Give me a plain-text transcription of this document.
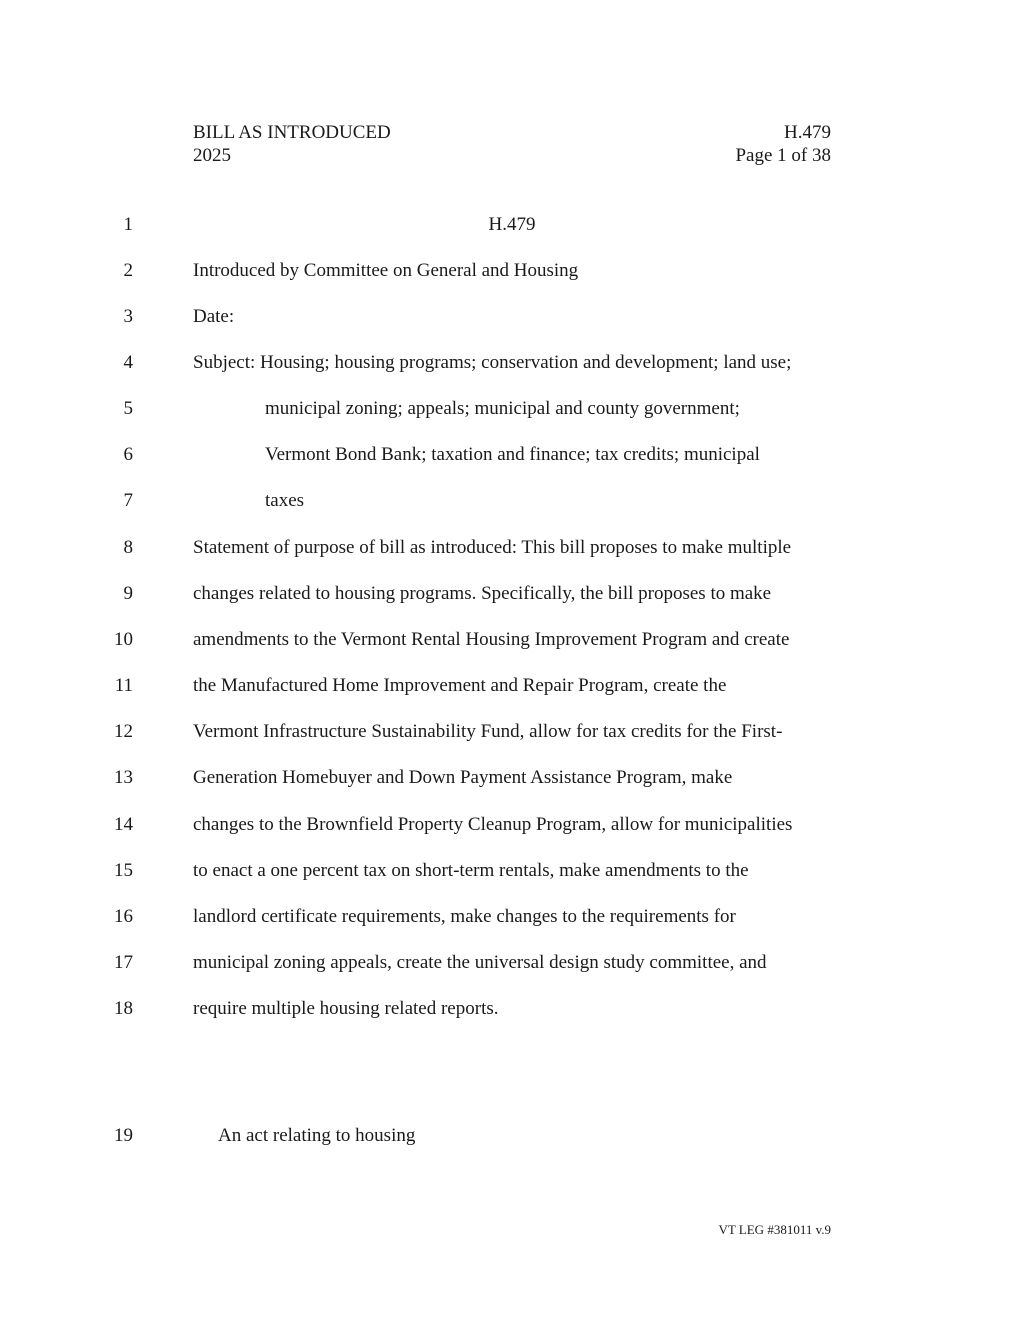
BILL AS INTRODUCED
2025
H.479
Page 1 of 38
1	H.479
2	Introduced by Committee on General and Housing
3	Date:
4	Subject: Housing; housing programs; conservation and development; land use;
5	municipal zoning; appeals; municipal and county government;
6	Vermont Bond Bank; taxation and finance; tax credits; municipal
7	taxes
8	Statement of purpose of bill as introduced: This bill proposes to make multiple
9	changes related to housing programs. Specifically, the bill proposes to make
10	amendments to the Vermont Rental Housing Improvement Program and create
11	the Manufactured Home Improvement and Repair Program, create the
12	Vermont Infrastructure Sustainability Fund, allow for tax credits for the First-
13	Generation Homebuyer and Down Payment Assistance Program, make
14	changes to the Brownfield Property Cleanup Program, allow for municipalities
15	to enact a one percent tax on short-term rentals, make amendments to the
16	landlord certificate requirements, make changes to the requirements for
17	municipal zoning appeals, create the universal design study committee, and
18	require multiple housing related reports.
19	An act relating to housing
VT LEG #381011 v.9
